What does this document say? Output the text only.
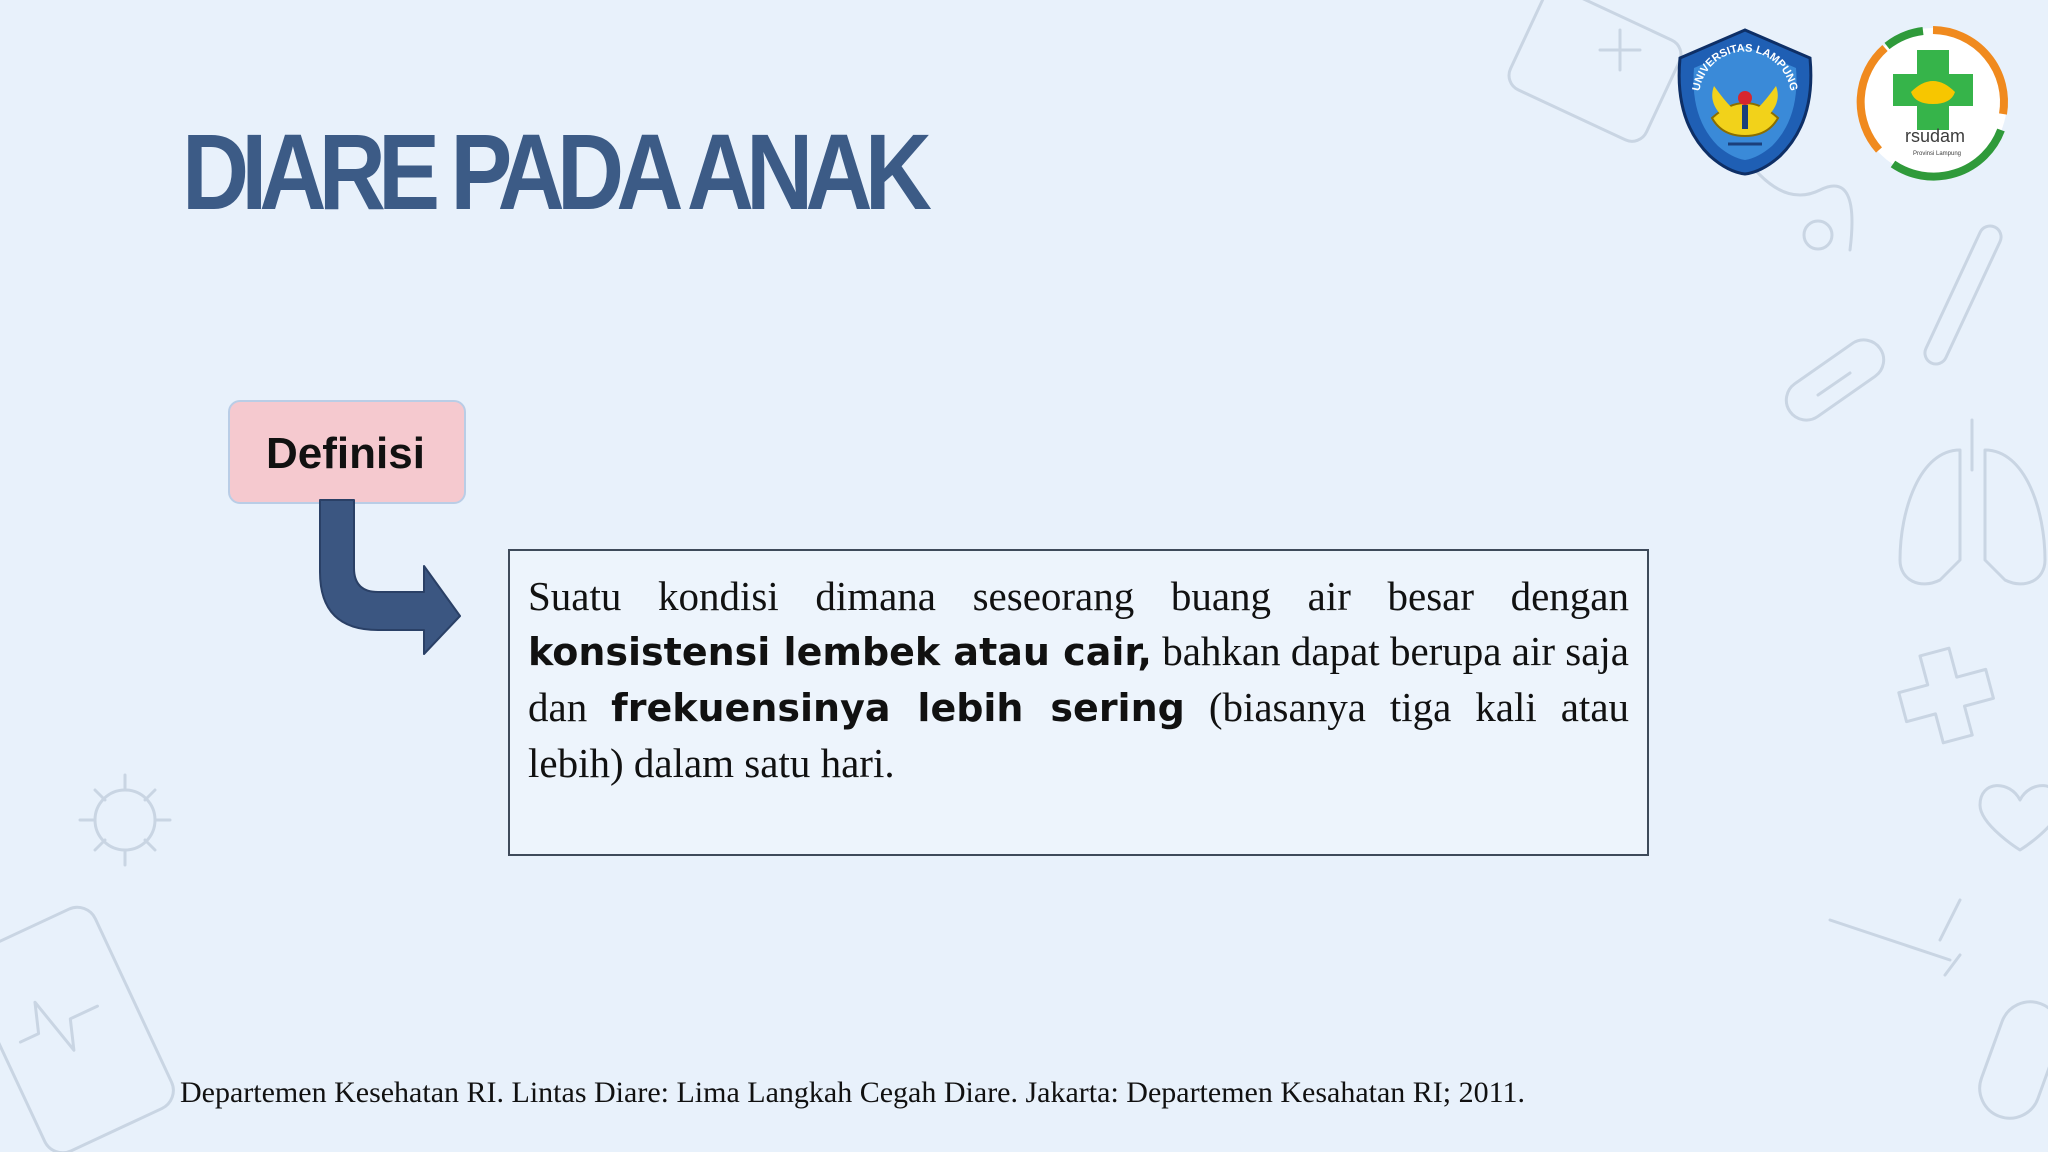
DIARE PADA ANAK
UNIVERSITAS LAMPUNG
rsudam
Provinsi Lampung
Definisi

Suatu kondisi dimana seseorang buang air besar dengan konsistensi lembek atau cair, bahkan dapat berupa air saja dan frekuensinya lebih sering (biasanya tiga kali atau lebih) dalam satu hari.

Departemen Kesehatan RI. Lintas Diare: Lima Langkah Cegah Diare. Jakarta: Departemen Kesahatan RI; 2011.
